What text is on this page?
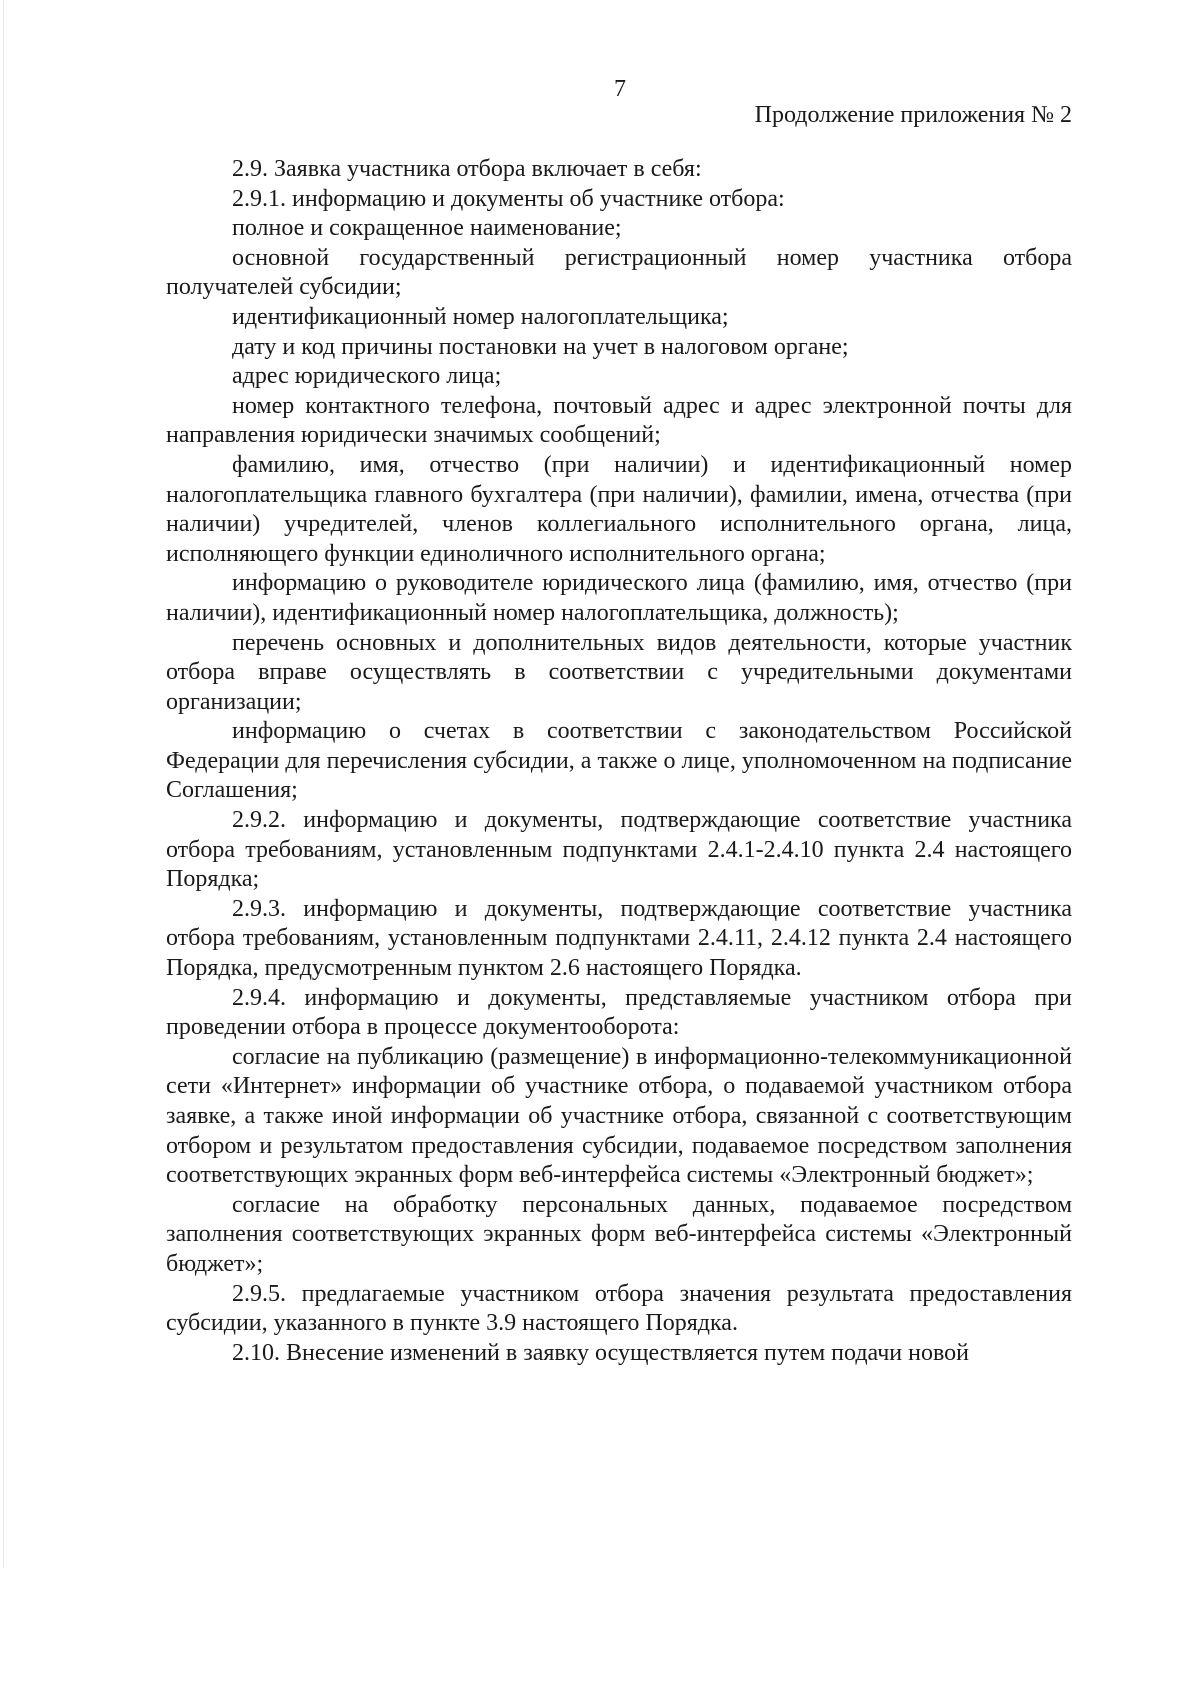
7
Продолжение приложения № 2

2.9. Заявка участника отбора включает в себя:

2.9.1. информацию и документы об участнике отбора:

полное и сокращенное наименование;

основной государственный регистрационный номер участника отбора получателей субсидии;

идентификационный номер налогоплательщика;

дату и код причины постановки на учет в налоговом органе;

адрес юридического лица;

номер контактного телефона, почтовый адрес и адрес электронной почты для направления юридически значимых сообщений;

фамилию, имя, отчество (при наличии) и идентификационный номер налогоплательщика главного бухгалтера (при наличии), фамилии, имена, отчества (при наличии) учредителей, членов коллегиального исполнительного органа, лица, исполняющего функции единоличного исполнительного органа;

информацию о руководителе юридического лица (фамилию, имя, отчество (при наличии), идентификационный номер налогоплательщика, должность);

перечень основных и дополнительных видов деятельности, которые участник отбора вправе осуществлять в соответствии с учредительными документами организации;

информацию о счетах в соответствии с законодательством Российской Федерации для перечисления субсидии, а также о лице, уполномоченном на подписание Соглашения;

2.9.2. информацию и документы, подтверждающие соответствие участника отбора требованиям, установленным подпунктами 2.4.1-2.4.10 пункта 2.4 настоящего Порядка;

2.9.3. информацию и документы, подтверждающие соответствие участника отбора требованиям, установленным подпунктами 2.4.11, 2.4.12 пункта 2.4 настоящего Порядка, предусмотренным пунктом 2.6 настоящего Порядка.

2.9.4. информацию и документы, представляемые участником отбора при проведении отбора в процессе документооборота:

согласие на публикацию (размещение) в информационно-телекоммуникационной сети «Интернет» информации об участнике отбора, о подаваемой участником отбора заявке, а также иной информации об участнике отбора, связанной с соответствующим отбором и результатом предоставления субсидии, подаваемое посредством заполнения соответствующих экранных форм веб-интерфейса системы «Электронный бюджет»;

согласие на обработку персональных данных, подаваемое посредством заполнения соответствующих экранных форм веб-интерфейса системы «Электронный бюджет»;

2.9.5. предлагаемые участником отбора значения результата предоставления субсидии, указанного в пункте 3.9 настоящего Порядка.

2.10. Внесение изменений в заявку осуществляется путем подачи новой
